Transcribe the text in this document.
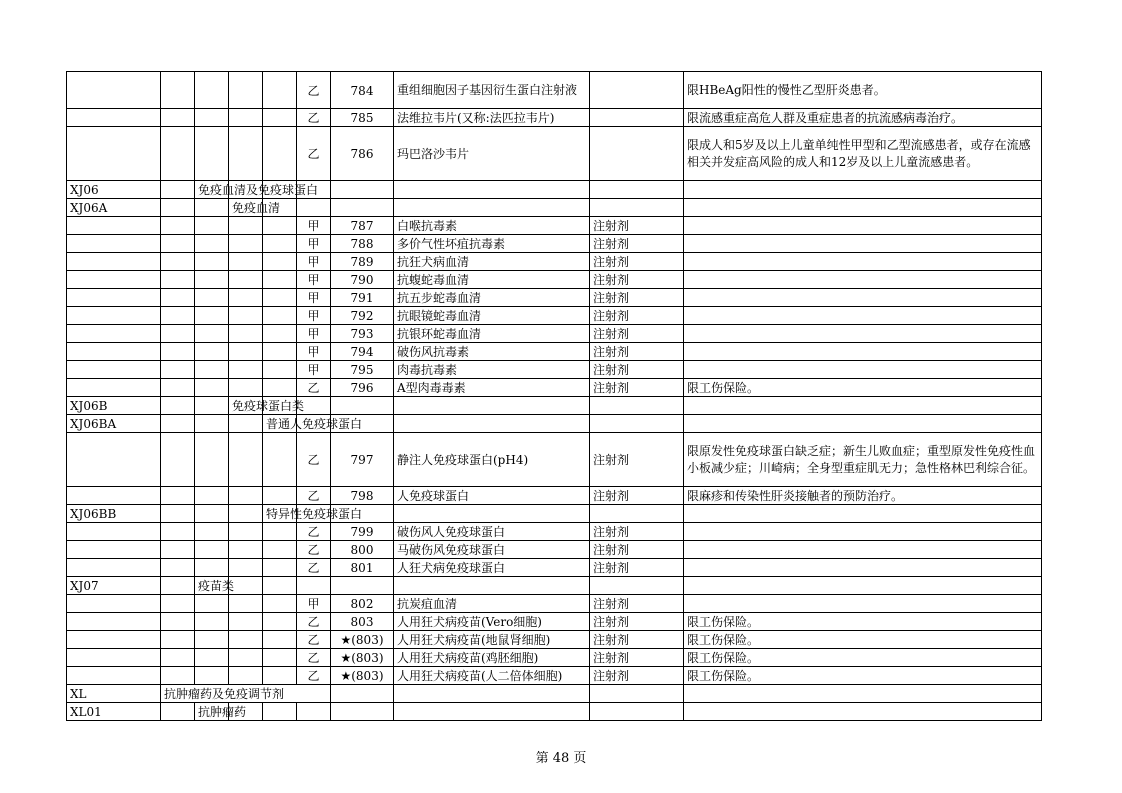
					乙	784	重组细胞因子基因衍生蛋白注射液		限HBeAg阳性的慢性乙型肝炎患者。
					乙	785	法维拉韦片(又称:法匹拉韦片)		限流感重症高危人群及重症患者的抗流感病毒治疗。
					乙	786	玛巴洛沙韦片		限成人和5岁及以上儿童单纯性甲型和乙型流感患者，或存在流感相关并发症高风险的成人和12岁及以上儿童流感患者。
XJ06		免疫血清及免疫球蛋白							
XJ06A			免疫血清						
					甲	787	白喉抗毒素	注射剂	
					甲	788	多价气性坏疽抗毒素	注射剂	
					甲	789	抗狂犬病血清	注射剂	
					甲	790	抗蝮蛇毒血清	注射剂	
					甲	791	抗五步蛇毒血清	注射剂	
					甲	792	抗眼镜蛇毒血清	注射剂	
					甲	793	抗银环蛇毒血清	注射剂	
					甲	794	破伤风抗毒素	注射剂	
					甲	795	肉毒抗毒素	注射剂	
					乙	796	A型肉毒毒素	注射剂	限工伤保险。
XJ06B			免疫球蛋白类						
XJ06BA				普通人免疫球蛋白					
					乙	797	静注人免疫球蛋白(pH4)	注射剂	限原发性免疫球蛋白缺乏症；新生儿败血症；重型原发性免疫性血小板减少症；川崎病；全身型重症肌无力；急性格林巴利综合征。
					乙	798	人免疫球蛋白	注射剂	限麻疹和传染性肝炎接触者的预防治疗。
XJ06BB				特异性免疫球蛋白					
					乙	799	破伤风人免疫球蛋白	注射剂	
					乙	800	马破伤风免疫球蛋白	注射剂	
					乙	801	人狂犬病免疫球蛋白	注射剂	
XJ07		疫苗类							
					甲	802	抗炭疽血清	注射剂	
					乙	803	人用狂犬病疫苗(Vero细胞)	注射剂	限工伤保险。
					乙	★(803)	人用狂犬病疫苗(地鼠肾细胞)	注射剂	限工伤保险。
					乙	★(803)	人用狂犬病疫苗(鸡胚细胞)	注射剂	限工伤保险。
					乙	★(803)	人用狂犬病疫苗(人二倍体细胞)	注射剂	限工伤保险。
XL	抗肿瘤药及免疫调节剂								
XL01		抗肿瘤药							
第 48 页
